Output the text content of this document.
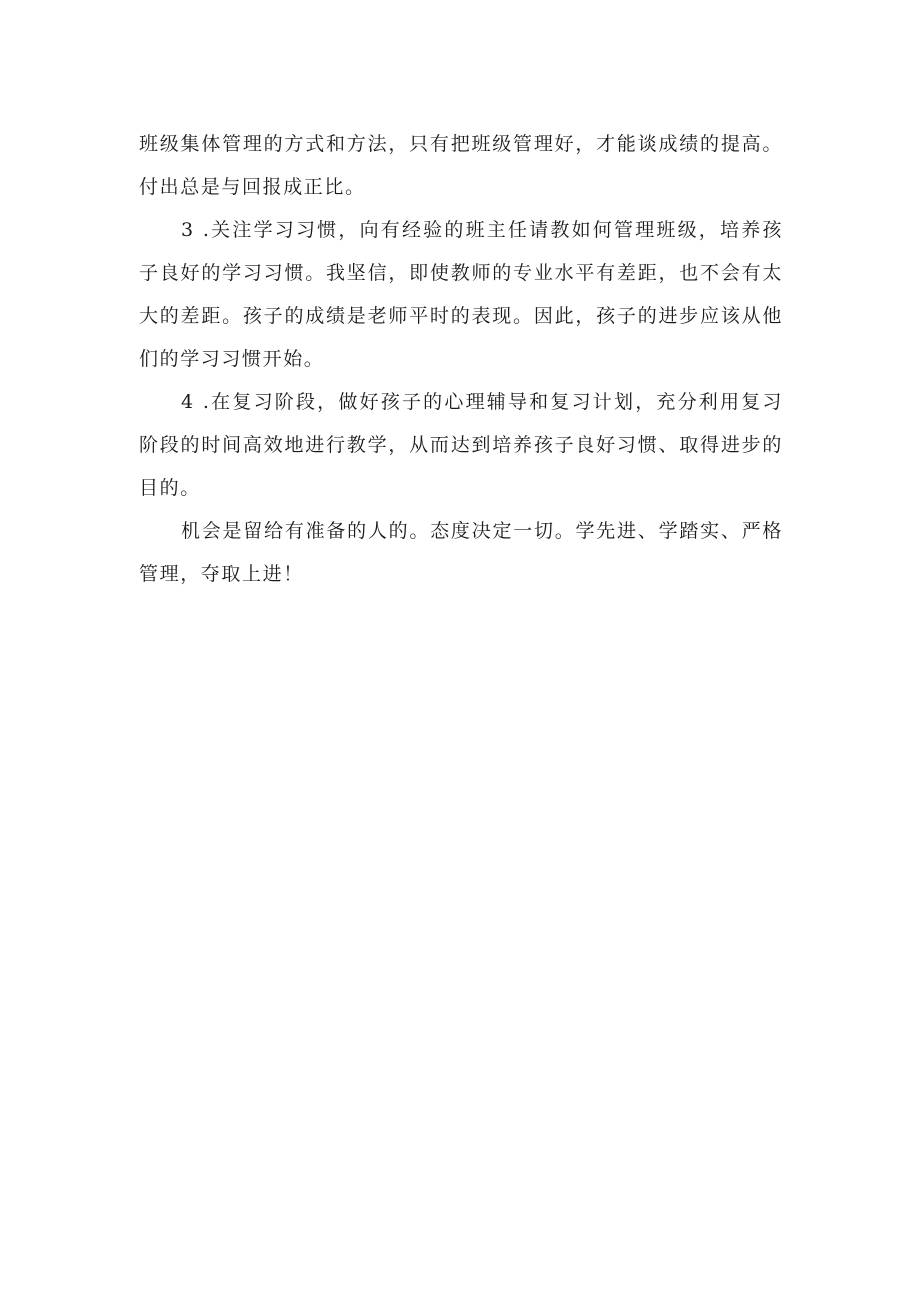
班级集体管理的方式和方法，只有把班级管理好，才能谈成绩的提高。付出总是与回报成正比。

3 .关注学习习惯，向有经验的班主任请教如何管理班级，培养孩子良好的学习习惯。我坚信，即使教师的专业水平有差距，也不会有太大的差距。孩子的成绩是老师平时的表现。因此，孩子的进步应该从他们的学习习惯开始。

4 .在复习阶段，做好孩子的心理辅导和复习计划，充分利用复习阶段的时间高效地进行教学，从而达到培养孩子良好习惯、取得进步的目的。

机会是留给有准备的人的。态度决定一切。学先进、学踏实、严格管理，夺取上进！
